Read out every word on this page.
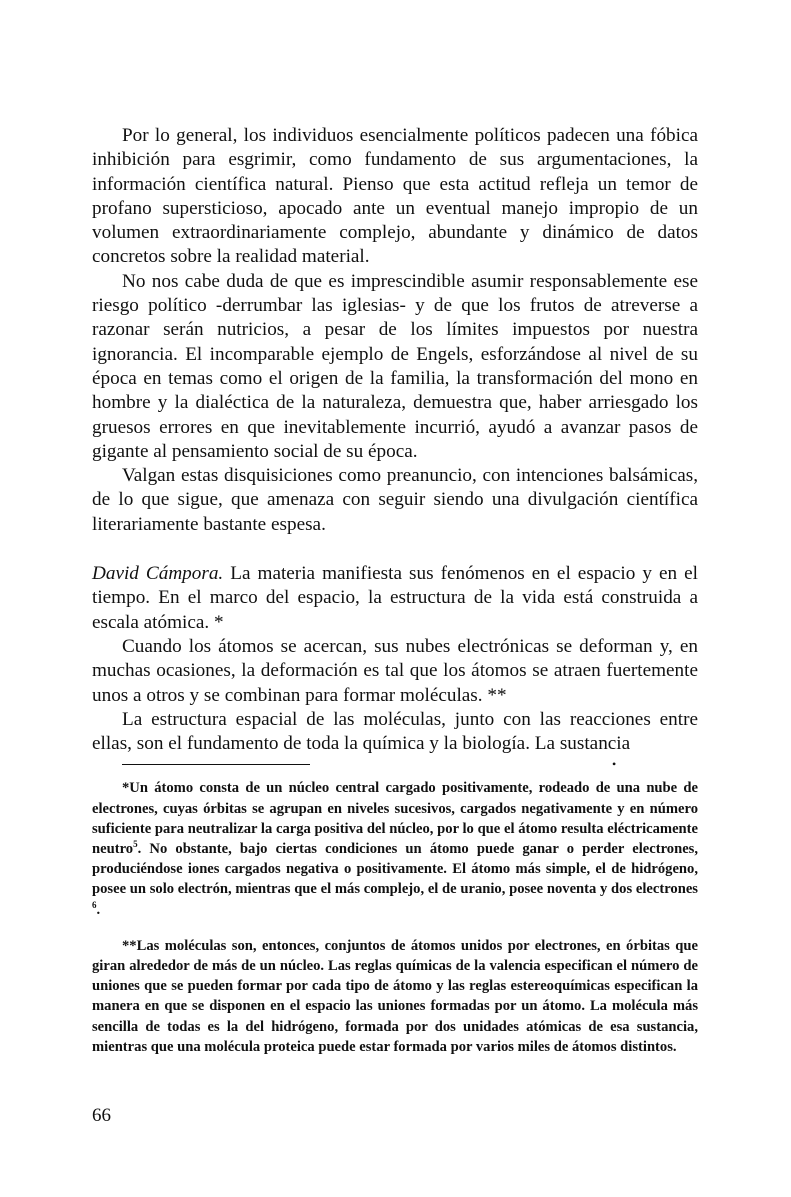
Por lo general, los individuos esencialmente políticos padecen una fóbica inhibición para esgrimir, como fundamento de sus argumentaciones, la información científica natural. Pienso que esta actitud refleja un temor de profano supersticioso, apocado ante un eventual manejo impropio de un volumen extraordinariamente complejo, abundante y dinámico de datos concretos sobre la realidad material.

No nos cabe duda de que es imprescindible asumir responsablemente ese riesgo político -derrumbar las iglesias- y de que los frutos de atreverse a razonar serán nutricios, a pesar de los límites impuestos por nuestra ignorancia. El incomparable ejemplo de Engels, esforzándose al nivel de su época en temas como el origen de la familia, la transformación del mono en hombre y la dialéctica de la naturaleza, demuestra que, haber arriesgado los gruesos errores en que inevitablemente incurrió, ayudó a avanzar pasos de gigante al pensamiento social de su época.

Valgan estas disquisiciones como preanuncio, con intenciones balsámicas, de lo que sigue, que amenaza con seguir siendo una divulgación científica literariamente bastante espesa.

David Cámpora. La materia manifiesta sus fenómenos en el espacio y en el tiempo. En el marco del espacio, la estructura de la vida está construida a escala atómica. *

Cuando los átomos se acercan, sus nubes electrónicas se deforman y, en muchas ocasiones, la deformación es tal que los átomos se atraen fuertemente unos a otros y se combinan para formar moléculas. **

La estructura espacial de las moléculas, junto con las reacciones entre ellas, son el fundamento de toda la química y la biología. La sustancia

•

*Un átomo consta de un núcleo central cargado positivamente, rodeado de una nube de electrones, cuyas órbitas se agrupan en niveles sucesivos, cargados negativamente y en número suficiente para neutralizar la carga positiva del núcleo, por lo que el átomo resulta eléctricamente neutro$^5$. No obstante, bajo ciertas condiciones un átomo puede ganar o perder electrones, produciéndose iones cargados negativa o positivamente. El átomo más simple, el de hidrógeno, posee un solo electrón, mientras que el más complejo, el de uranio, posee noventa y dos electrones $^6$.

**Las moléculas son, entonces, conjuntos de átomos unidos por electrones, en órbitas que giran alrededor de más de un núcleo. Las reglas químicas de la valencia especifican el número de uniones que se pueden formar por cada tipo de átomo y las reglas estereoquímicas especifican la manera en que se disponen en el espacio las uniones formadas por un átomo. La molécula más sencilla de todas es la del hidrógeno, formada por dos unidades atómicas de esa sustancia, mientras que una molécula proteica puede estar formada por varios miles de átomos distintos.

66
